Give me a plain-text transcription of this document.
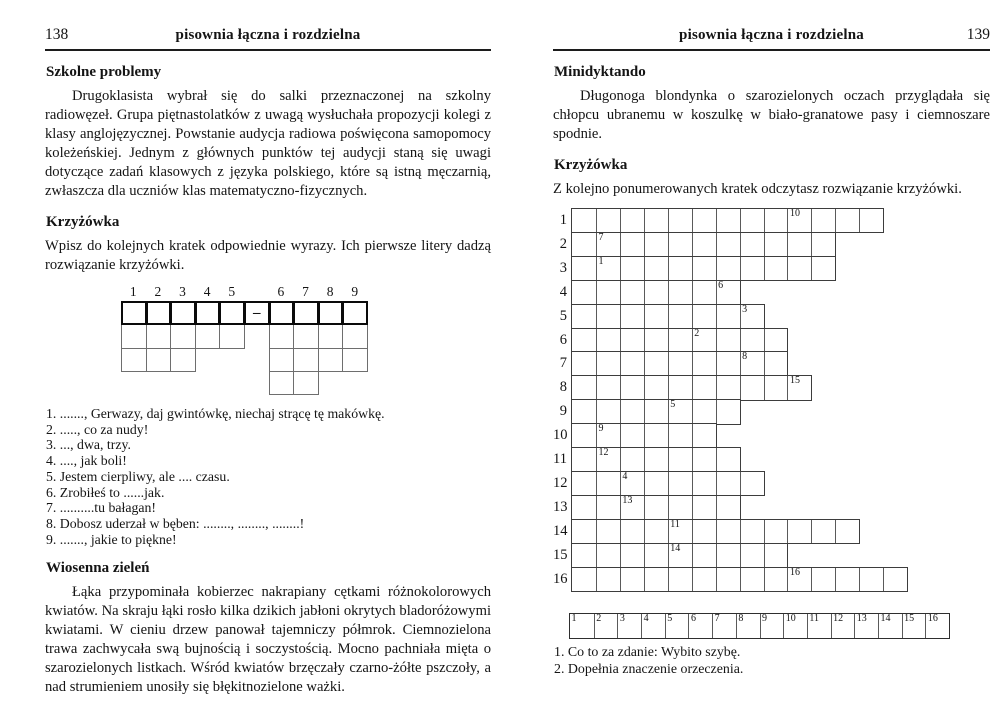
138	pisownia łączna i rozdzielna
Szkolne problemy

Drugoklasista wybrał się do salki przeznaczonej na szkolny radiowęzeł. Grupa piętnastolatków z uwagą wysłuchała propozycji kolegi z klasy anglojęzycznej. Powstanie audycja radiowa poświęcona samopomocy koleżeńskiej. Jednym z głównych punktów tej audycji staną się uwagi dotyczące zadań klasowych z języka polskiego, które są istną męczarnią, zwłaszcza dla uczniów klas matematyczno-fizycznych.

Krzyżówka

Wpisz do kolejnych kratek odpowiednie wyrazy. Ich pierwsze litery dadzą rozwiązanie krzyżówki.

1	2	3	4	5	6	7	8	9
–
1. ......., Gerwazy, daj gwintówkę, niechaj strącę tę makówkę.
2. ....., co za nudy!
3. ..., dwa, trzy.
4. ...., jak boli!
5. Jestem cierpliwy, ale .... czasu.
6. Zrobiłeś to ......jak.
7. ..........tu bałagan!
8. Dobosz uderzał w bęben: ........, ........, ........!
9. ......., jakie to piękne!
Wiosenna zieleń

Łąka przypominała kobierzec nakrapiany cętkami różnokolorowych kwiatów. Na skraju łąki rosło kilka dzikich jabłoni okrytych bladoróżowymi kwiatami. W cieniu drzew panował tajemniczy półmrok. Ciemnozielona trawa zachwycała swą bujnością i soczystością. Mocno pachniała mięta o szarozielonych listkach. Wśród kwiatów brzęczały czarno-żółte pszczoły, a nad strumieniem unosiły się błękitnozielone ważki.

pisownia łączna i rozdzielna	139
Minidyktando

Długonoga blondynka o szarozielonych oczach przyglądała się chłopcu ubranemu w koszulkę w biało-granatowe pasy i ciemnoszare spodnie.

Krzyżówka

Z kolejno ponumerowanych kratek odczytasz rozwiązanie krzyżówki.

1	10
2	7
3	1
4	6
5	3
6	2
7	8
8	15
9	5
10	9
11	12
12	4
13	13
14	11
15	14
16	16
1 2 3 4 5 6 7 8 9 10 11 12 13 14 15 16
1. Co to za zdanie: Wybito szybę.
2. Dopełnia znaczenie orzeczenia.
